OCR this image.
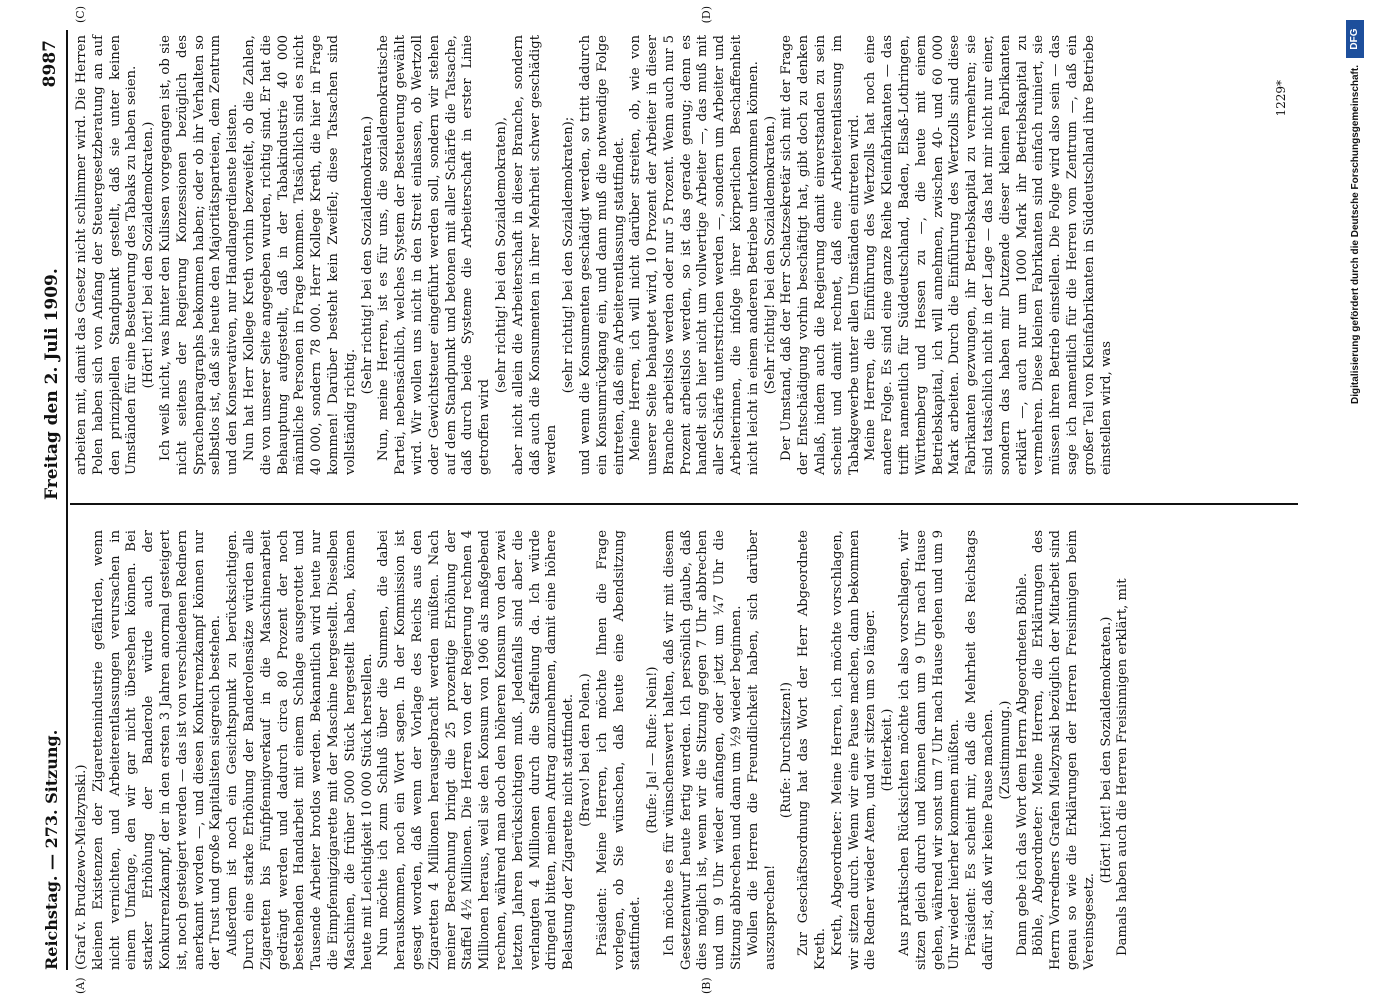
Reichstag. — 273. Sitzung.
Freitag den 2. Juli 1909.
8987
(A)	(B)
(C)	(D)

(Graf v. Brudzewo-Mielzynski.) kleinen Existenzen der Zigarettenindustrie gefährden, wenn nicht vernichten, und Arbeiterentlassungen verursachen in einem Umfange, den wir gar nicht übersehen können. Bei starker Erhöhung der Banderole würde auch der Konkurrenzkampf, der in den ersten 3 Jahren anormal gesteigert ist, noch gesteigert werden — das ist von verschiedenen Rednern anerkannt worden —, und diesen Konkurrenzkampf können nur der Trust und große Kapitalisten siegreich bestehen. Außerdem ist noch ein Gesichtspunkt zu berücksichtigen. Durch eine starke Erhöhung der Banderolensätze würden alle Zigaretten bis Fünfpfennigverkauf in die Maschinenarbeit gedrängt werden und dadurch circa 80 Prozent der noch bestehenden Handarbeit mit einem Schlage ausgerottet und Tausende Arbeiter brotlos werden. Bekanntlich wird heute nur die Eimpfennigzigarette mit der Maschine hergestellt. Dieselben Maschinen, die früher 5000 Stück hergestellt haben, können heute mit Leichtigkeit 10 000 Stück herstellen. Nun möchte ich zum Schluß über die Summen, die dabei herauskommen, noch ein Wort sagen. In der Kommission ist gesagt worden, daß wenn der Vorlage des Reichs aus den Zigaretten 4 Millionen herausgebracht werden müßten. Nach meiner Berechnung bringt die 25 prozentige Erhöhung der Staffel 4½ Millionen. Die Herren von der Regierung rechnen 4 Millionen heraus, weil sie den Konsum von 1906 als maßgebend rechnen, während man doch den höheren Konsum von den zwei letzten Jahren berücksichtigen muß. Jedenfalls sind aber die verlangten 4 Millionen durch die Staffelung da. Ich würde dringend bitten, meinen Antrag anzunehmen, damit eine höhere Belastung der Zigarette nicht stattfindet. (Bravo! bei den Polen.) Präsident: Meine Herren, ich möchte Ihnen die Frage vorlegen, ob Sie wünschen, daß heute eine Abendsitzung stattfindet.

(Rufe: Ja! — Rufe: Nein!) Ich möchte es für wünschenswert halten, daß wir mit diesem Gesetzentwurf heute fertig werden. Ich persönlich glaube, daß dies möglich ist, wenn wir die Sitzung gegen 7 Uhr abbrechen und um 9 Uhr wieder anfangen, oder jetzt um ¼7 Uhr die Sitzung abbrechen und dann um ½9 wieder beginnen. Wollen die Herren die Freundlichkeit haben, sich darüber auszusprechen!

(Rufe: Durchsitzen!) Zur Geschäftsordnung hat das Wort der Herr Abgeordnete Kreth. Kreth, Abgeordneter: Meine Herren, ich möchte vorschlagen, wir sitzen durch. Wenn wir eine Pause machen, dann bekommen die Redner wieder Atem, und wir sitzen um so länger. (Heiterkeit.) Aus praktischen Rücksichten möchte ich also vorschlagen, wir sitzen gleich durch und können dann um 9 Uhr nach Hause gehen, während wir sonst um 7 Uhr nach Hause gehen und um 9 Uhr wieder hierher kommen müßten. Präsident: Es scheint mir, daß die Mehrheit des Reichstags dafür ist, daß wir keine Pause machen. (Zustimmung.) Dann gebe ich das Wort dem Herrn Abgeordneten Böhle. Böhle, Abgeordneter: Meine Herren, die Erklärungen des Herrn Vorredners Grafen Mielzynski bezüglich der Mitarbeit sind genau so wie die Erklärungen der Herren Freisinnigen beim Vereinsgesetz.

(Hört! hört! bei den Sozialdemokraten.) Damals haben auch die Herren Freisinnigen erklärt, mit

arbeiten mit, damit das Gesetz nicht schlimmer wird. Die Herren Polen haben sich von Anfang der Steuergesetzberatung an auf den prinzipiellen Standpunkt gestellt, daß sie unter keinen Umständen für eine Besteuerung des Tabaks zu haben seien. (Hört! hört! bei den Sozialdemokraten.) Ich weiß nicht, was hinter den Kulissen vorgegangen ist, ob sie nicht seitens der Regierung Konzessionen bezüglich des Sprachenparagraphs bekommen haben; oder ob ihr Verhalten so selbstlos ist, daß sie heute den Majoritätsparteien, dem Zentrum und den Konservativen, nur Handlangerdienste leisten. Nun hat Herr Kollege Kreth vorhin bezweifelt, ob die Zahlen, die von unserer Seite angegeben wurden, richtig sind. Er hat die Behauptung aufgestellt, daß in der Tabakindustrie 40 000 männliche Personen in Frage kommen. Tatsächlich sind es nicht 40 000, sondern 78 000. Herr Kollege Kreth, die hier in Frage kommen! Darüber besteht kein Zweifel; diese Tatsachen sind vollständig richtig.

(Sehr richtig! bei den Sozialdemokraten.) Nun, meine Herren, ist es für uns, die sozialdemokratische Partei, nebensächlich, welches System der Besteuerung gewählt wird. Wir wollen uns nicht in den Streit einlassen, ob Wertzoll oder Gewichtsteuer eingeführt werden soll, sondern wir stehen auf dem Standpunkt und betonen mit aller Schärfe die Tatsache, daß durch beide Systeme die Arbeiterschaft in erster Linie getroffen wird

(sehr richtig! bei den Sozialdemokraten), aber nicht allein die Arbeiterschaft in dieser Branche, sondern daß auch die Konsumenten in ihrer Mehrheit schwer geschädigt werden

(sehr richtig! bei den Sozialdemokraten); und wenn die Konsumenten geschädigt werden, so tritt dadurch ein Konsumrückgang ein, und dann muß die notwendige Folge eintreten, daß eine Arbeiterentlassung stattfindet. Meine Herren, ich will nicht darüber streiten, ob, wie von unserer Seite behauptet wird, 10 Prozent der Arbeiter in dieser Branche arbeitslos werden oder nur 5 Prozent. Wenn auch nur 5 Prozent arbeitslos werden, so ist das gerade genug; denn es handelt sich hier nicht um vollwertige Arbeiter —, das muß mit aller Schärfe unterstrichen werden —, sondern um Arbeiter und Arbeiterinnen, die infolge ihrer körperlichen Beschaffenheit nicht leicht in einem anderen Betriebe unterkommen können. (Sehr richtig! bei den Sozialdemokraten.) Der Umstand, daß der Herr Schatzsekretär sich mit der Frage der Entschädigung vorhin beschäftigt hat, gibt doch zu denken Anlaß, indem auch die Regierung damit einverstanden zu sein scheint und damit rechnet, daß eine Arbeiterentlassung im Tabakgewerbe unter allen Umständen eintreten wird. Meine Herren, die Einführung des Wertzolls hat noch eine andere Folge. Es sind eine ganze Reihe Kleinfabrikanten — das trifft namentlich für Süddeutschland, Baden, Elsaß-Lothringen, Württemberg und Hessen zu —, die heute mit einem Betriebskapital, ich will annehmen, zwischen 40- und 60 000 Mark arbeiten. Durch die Einführung des Wertzolls sind diese Fabrikanten gezwungen, ihr Betriebskapital zu vermehren; sie sind tatsächlich nicht in der Lage — das hat mir nicht nur einer, sondern das haben mir Dutzende dieser kleinen Fabrikanten erklärt —, auch nur um 1000 Mark ihr Betriebskapital zu vermehren. Diese kleinen Fabrikanten sind einfach ruiniert, sie müssen ihren Betrieb einstellen. Die Folge wird also sein — das sage ich namentlich für die Herren vom Zentrum —, daß ein großer Teil von Kleinfabrikanten in Süddeutschland ihre Betriebe einstellen wird, was

1229*	Digitalisierung gefördert durch die Deutsche Forschungsgemeinschaft.
DFG
